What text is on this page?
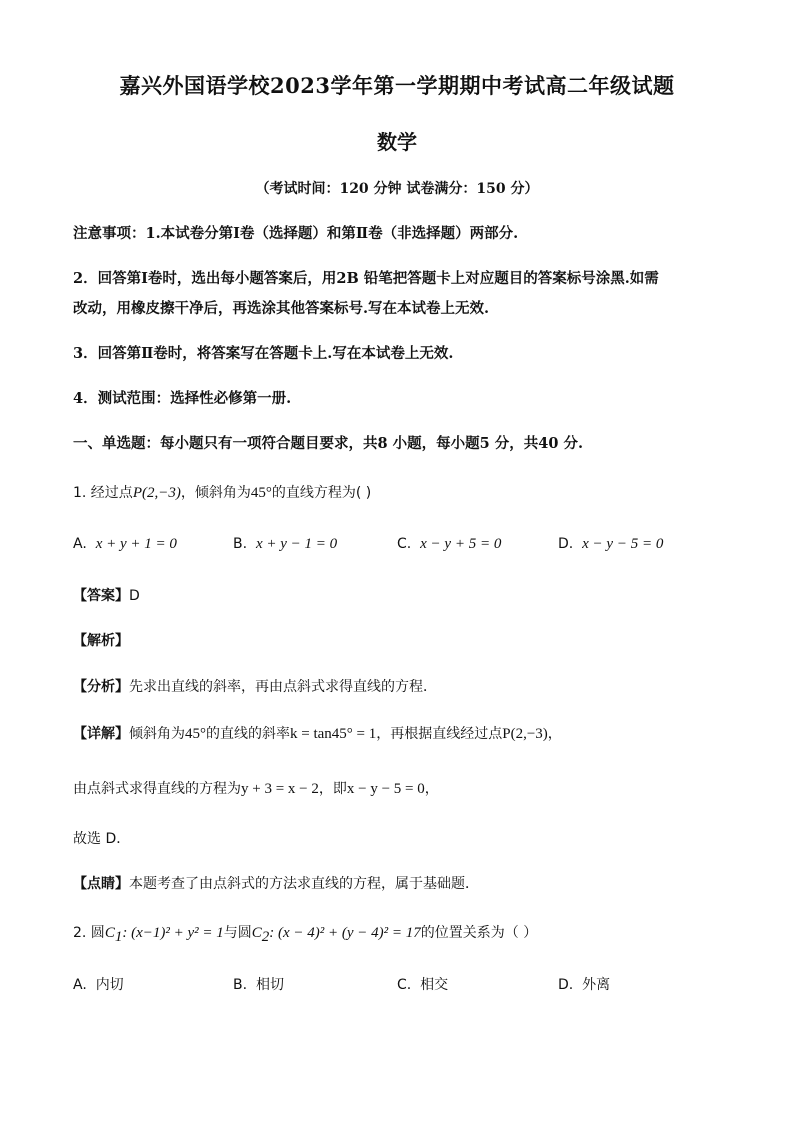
嘉兴外国语学校2023学年第一学期期中考试高二年级试题
数学
（考试时间：120 分钟 试卷满分：150 分）
注意事项：1.本试卷分第Ⅰ卷（选择题）和第Ⅱ卷（非选择题）两部分.
2．回答第Ⅰ卷时，选出每小题答案后，用2B 铅笔把答题卡上对应题目的答案标号涂黑.如需
改动，用橡皮擦干净后，再选涂其他答案标号.写在本试卷上无效.
3．回答第Ⅱ卷时，将答案写在答题卡上.写在本试卷上无效.
4．测试范围：选择性必修第一册.
一、单选题：每小题只有一项符合题目要求，共8 小题，每小题5 分，共40 分.
1. 经过点P(2,−3)，倾斜角为45°的直线方程为( )
A. x + y + 1 = 0	B. x + y − 1 = 0	C. x − y + 5 = 0	D. x − y − 5 = 0
【答案】D
【解析】
【分析】先求出直线的斜率，再由点斜式求得直线的方程．
【详解】倾斜角为45°的直线的斜率k = tan45° = 1，再根据直线经过点P(2,−3)，
由点斜式求得直线的方程为y + 3 = x − 2，即x − y − 5 = 0，
故选 D．
【点睛】本题考查了由点斜式的方法求直线的方程，属于基础题．
2. 圆$C_1$: (x−1)² + y² = 1与圆$C_2$: (x − 4)² + (y − 4)² = 17的位置关系为（ ）
A. 内切	B. 相切	C. 相交	D. 外离
